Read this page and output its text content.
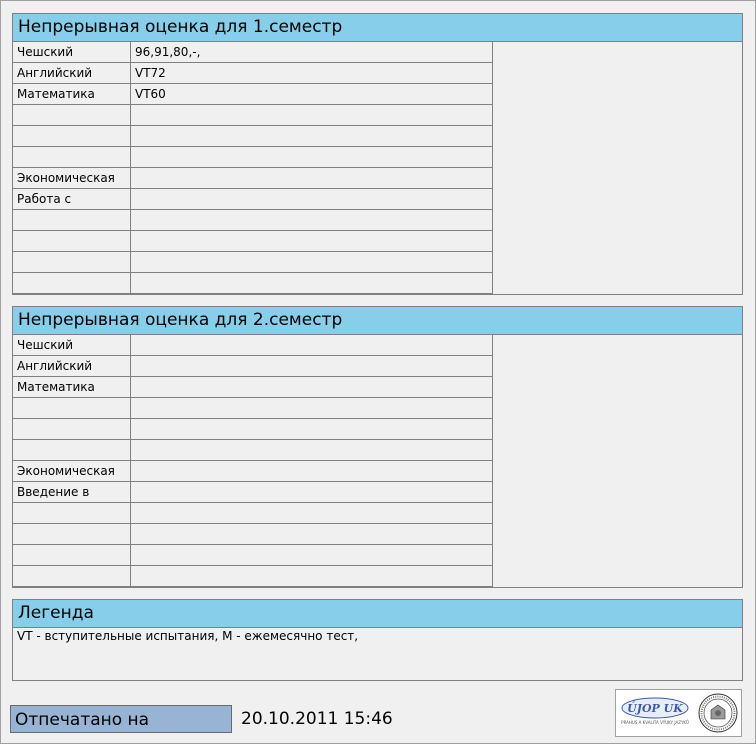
Непрерывная оценка для 1.семестр
Чешский	96,91,80,-,
Английский	VT72
Математика	VT60

Экономическая	
Работа с	

Непрерывная оценка для 2.семестр
Чешский	
Английский	
Математика	

Экономическая	
Введение в	

Легенда
VT - вступительные испытания, M - ежемесячно тест,
Отпечатано на	20.10.2011 15:46
ÚJOP UK
PRAHUS A KVALITA VÝUKY JAZYKŮ
